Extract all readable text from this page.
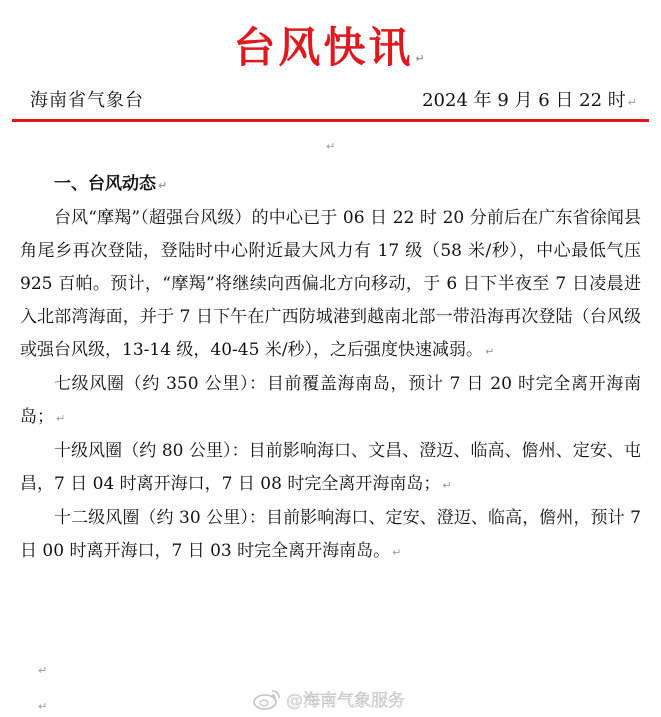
台风快讯 ↵
海南省气象台	2024 年 9 月 6 日 22 时 ↵
↵
一、台风动态 ↵

台风“摩羯”（超强台风级）的中心已于 06 日 22 时 20 分前后在广东省徐闻县角尾乡再次登陆，登陆时中心附近最大风力有 17 级（58 米/秒），中心最低气压 925 百帕。预计，“摩羯”将继续向西偏北方向移动，于 6 日下半夜至 7 日凌晨进入北部湾海面，并于 7 日下午在广西防城港到越南北部一带沿海再次登陆（台风级或强台风级，13-14 级，40-45 米/秒），之后强度快速减弱。 ↵

七级风圈（约 350 公里）：目前覆盖海南岛，预计 7 日 20 时完全离开海南岛； ↵

十级风圈（约 80 公里）：目前影响海口、文昌、澄迈、临高、儋州、定安、屯昌，7 日 04 时离开海口，7 日 08 时完全离开海南岛； ↵

十二级风圈（约 30 公里）：目前影响海口、定安、澄迈、临高，儋州，预计 7 日 00 时离开海口，7 日 03 时完全离开海南岛。 ↵

↵
↵	@海南气象服务
